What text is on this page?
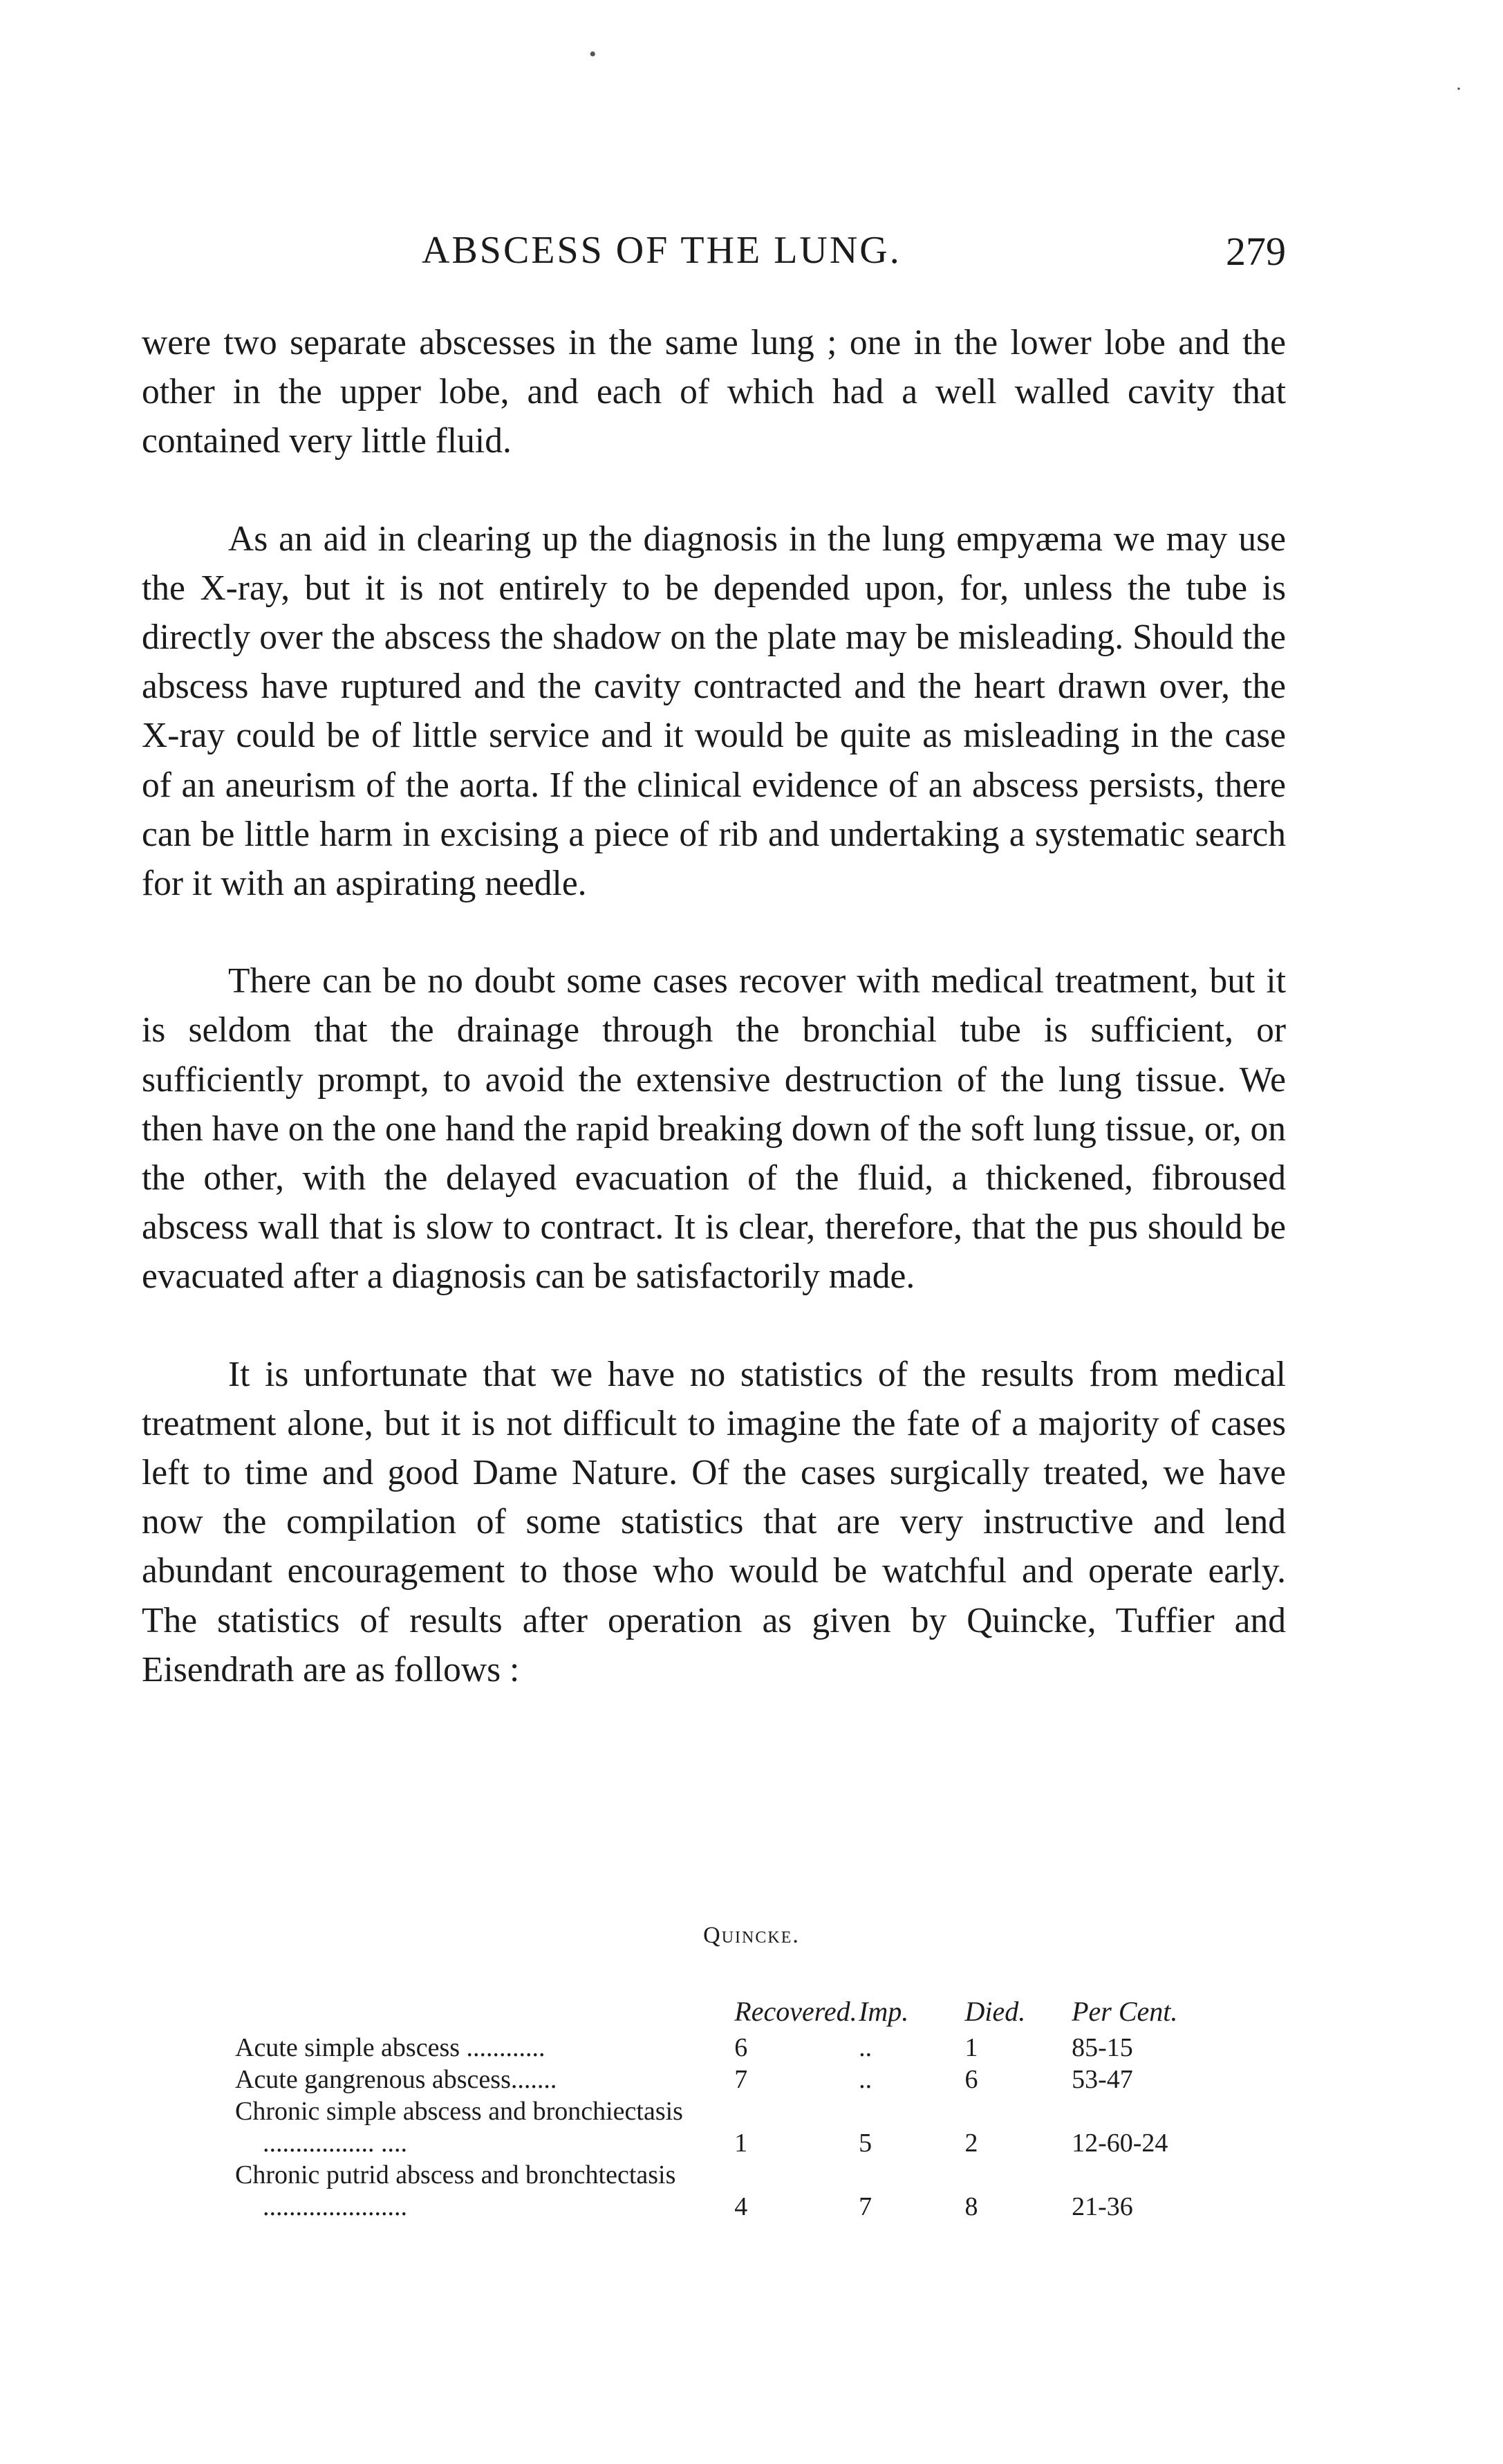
•
·
ABSCESS OF THE LUNG.	279

were two separate abscesses in the same lung ; one in the lower lobe and the other in the upper lobe, and each of which had a well walled cavity that contained very little fluid.

As an aid in clearing up the diagnosis in the lung empyæma we may use the X-ray, but it is not entirely to be depended upon, for, unless the tube is directly over the abscess the shadow on the plate may be misleading. Should the abscess have ruptured and the cavity contracted and the heart drawn over, the X-ray could be of little service and it would be quite as misleading in the case of an aneurism of the aorta. If the clinical evidence of an abscess persists, there can be little harm in excising a piece of rib and undertaking a systematic search for it with an aspirating needle.

There can be no doubt some cases recover with medical treatment, but it is seldom that the drainage through the bronchial tube is sufficient, or sufficiently prompt, to avoid the extensive destruction of the lung tissue. We then have on the one hand the rapid breaking down of the soft lung tissue, or, on the other, with the delayed evacuation of the fluid, a thickened, fibroused abscess wall that is slow to contract. It is clear, therefore, that the pus should be evacuated after a diagnosis can be satisfactorily made.

It is unfortunate that we have no statistics of the results from medical treatment alone, but it is not difficult to imagine the fate of a majority of cases left to time and good Dame Nature. Of the cases surgically treated, we have now the compilation of some statistics that are very instructive and lend abundant encouragement to those who would be watchful and operate early. The statistics of results after operation as given by Quincke, Tuffier and Eisendrath are as follows :

Quincke.
	Recovered.	Imp.	Died.	Per Cent.

Acute simple abscess ............	6	..	1	85-15

Acute gangrenous abscess.......	7	..	6	53-47

Chronic simple abscess and bronchiectasis ................. ....	1	5	2	12-60-24

Chronic putrid abscess and bronchtectasis ......................	4	7	8	21-36
